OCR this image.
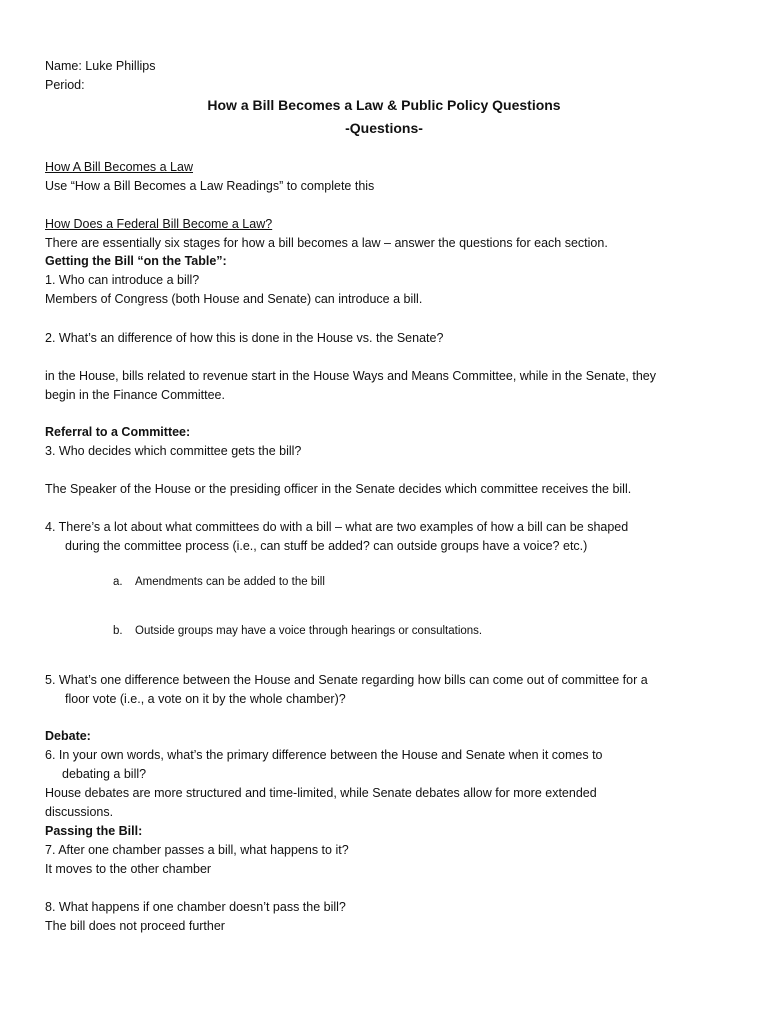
Name: Luke Phillips
Period:
How a Bill Becomes a Law & Public Policy Questions
-Questions-
How A Bill Becomes a Law
Use “How a Bill Becomes a Law Readings” to complete this
How Does a Federal Bill Become a Law?
There are essentially six stages for how a bill becomes a law – answer the questions for each section.
Getting the Bill “on the Table”:
1. Who can introduce a bill?
Members of Congress (both House and Senate) can introduce a bill.
2. What’s an difference of how this is done in the House vs. the Senate?
in the House, bills related to revenue start in the House Ways and Means Committee, while in the Senate, they
begin in the Finance Committee.
Referral to a Committee:
3. Who decides which committee gets the bill?
The Speaker of the House or the presiding officer in the Senate decides which committee receives the bill.
4. There’s a lot about what committees do with a bill – what are two examples of how a bill can be shaped
during the committee process (i.e., can stuff be added? can outside groups have a voice? etc.)
a. Amendments can be added to the bill
b. Outside groups may have a voice through hearings or consultations.
5. What’s one difference between the House and Senate regarding how bills can come out of committee for a
floor vote (i.e., a vote on it by the whole chamber)?
Debate:
6. In your own words, what’s the primary difference between the House and Senate when it comes to
debating a bill?
House debates are more structured and time-limited, while Senate debates allow for more extended
discussions.
Passing the Bill:
7. After one chamber passes a bill, what happens to it?
It moves to the other chamber
8. What happens if one chamber doesn’t pass the bill?
The bill does not proceed further
